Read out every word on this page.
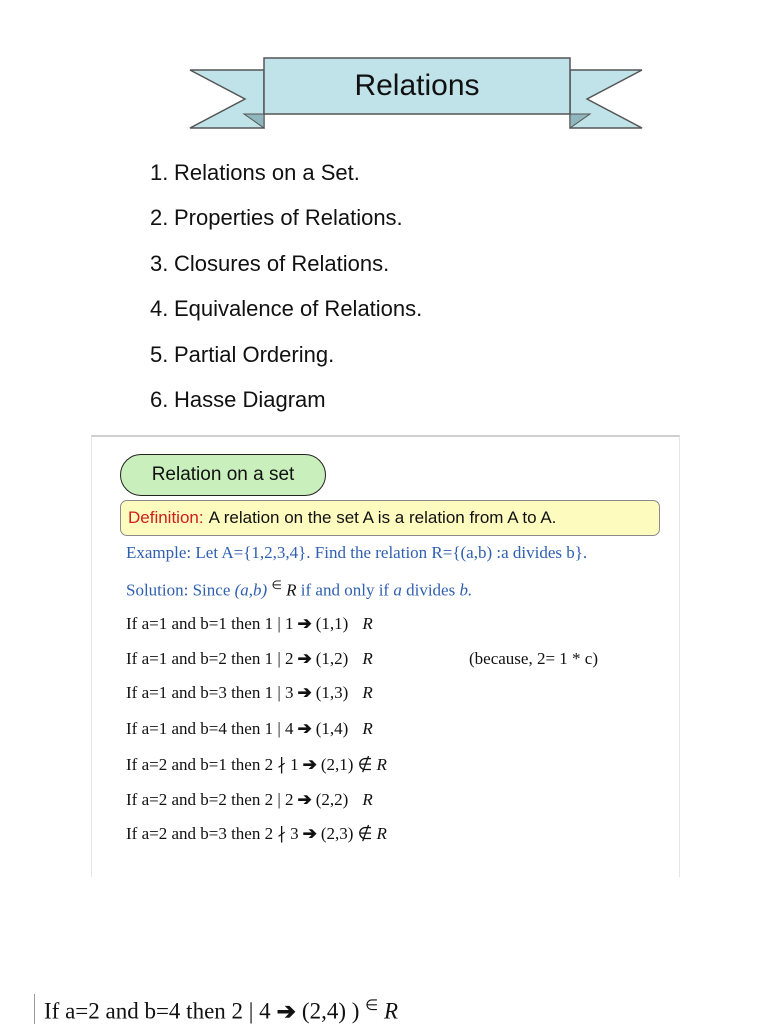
Relations
1. Relations on a Set.
2. Properties of Relations.
3. Closures of Relations.
4. Equivalence of Relations.
5. Partial Ordering.
6. Hasse Diagram
Relation on a set
Definition: A relation on the set A is a relation from A to A.
Example: Let A={1,2,3,4}. Find the relation R={(a,b) :a divides b}.
Solution: Since (a,b) ∈ R if and only if a divides b.
If a=1 and b=1 then 1 | 1 ➔ (1,1) R
If a=1 and b=2 then 1 | 2 ➔ (1,2) R	(because, 2= 1 * c)
If a=1 and b=3 then 1 | 3 ➔ (1,3) R
If a=1 and b=4 then 1 | 4 ➔ (1,4) R
If a=2 and b=1 then 2 ∤ 1 ➔ (2,1) ∉ R
If a=2 and b=2 then 2 | 2 ➔ (2,2) R
If a=2 and b=3 then 2 ∤ 3 ➔ (2,3) ∉ R
If a=2 and b=4 then 2 | 4 ➔ (2,4) ) ∈ R
